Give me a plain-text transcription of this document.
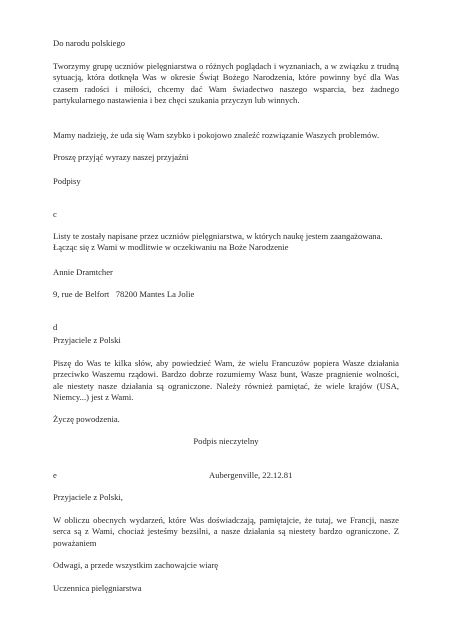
Do narodu polskiego

Tworzymy grupę uczniów pielęgniarstwa o różnych poglądach i wyznaniach, a w związku z trudną sytuacją, która dotknęła Was w okresie Świąt Bożego Narodzenia, które powinny być dla Was czasem radości i miłości, chcemy dać Wam świadectwo naszego wsparcia, bez żadnego partykularnego nastawienia i bez chęci szukania przyczyn lub winnych.

Mamy nadzieję, że uda się Wam szybko i pokojowo znaleźć rozwiązanie Waszych problemów.

Proszę przyjąć wyrazy naszej przyjaźni

Podpisy

c

Listy te zostały napisane przez uczniów pielęgniarstwa, w których naukę jestem zaangażowana. Łącząc się z Wami w modlitwie w oczekiwaniu na Boże Narodzenie

Annie Dramtcher

9, rue de Belfort   78200 Mantes La Jolie

d

Przyjaciele z Polski

Piszę do Was te kilka słów, aby powiedzieć Wam, że wielu Francuzów popiera Wasze działania przeciwko Waszemu rządowi. Bardzo dobrze rozumiemy Wasz bunt, Wasze pragnienie wolności, ale niestety nasze działania są ograniczone. Należy również pamiętać, że wiele krajów (USA, Niemcy...) jest z Wami.

Życzę powodzenia.

Podpis nieczytelny

e	Aubergenville, 22.12.81

Przyjaciele z Polski,

W obliczu obecnych wydarzeń, które Was doświadczają, pamiętajcie, że tutaj, we Francji, nasze serca są z Wami, chociaż jesteśmy bezsilni, a nasze działania są niestety bardzo ograniczone. Z poważaniem

Odwagi, a przede wszystkim zachowajcie wiarę

Uczennica pielęgniarstwa
